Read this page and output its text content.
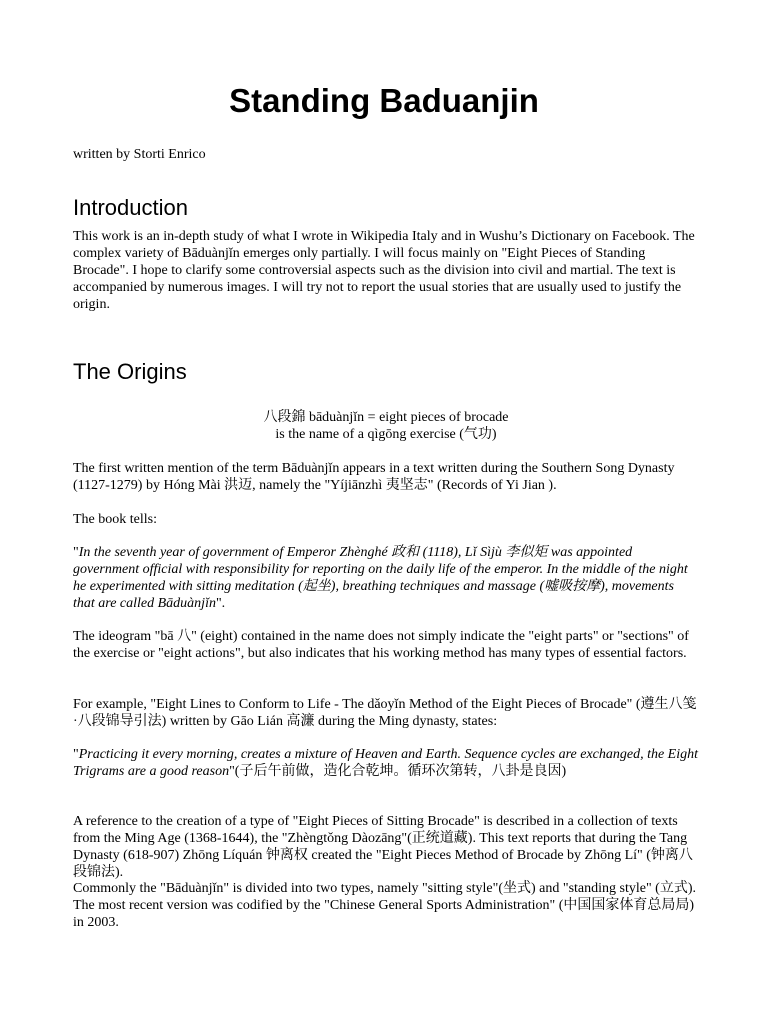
Standing Baduanjin

written by Storti Enrico

Introduction

This work is an in-depth study of what I wrote in Wikipedia Italy and in Wushu’s Dictionary on Facebook. The complex variety of Bāduànjǐn emerges only partially. I will focus mainly on "Eight Pieces of Standing Brocade". I hope to clarify some controversial aspects such as the division into civil and martial. The text is accompanied by numerous images. I will try not to report the usual stories that are usually used to justify the origin.

The Origins

八段錦 bāduànjǐn = eight pieces of brocade

is the name of a qìgōng exercise (气功)

The first written mention of the term Bāduànjǐn appears in a text written during the Southern Song Dynasty (1127-1279) by Hóng Mài 洪迈, namely the "Yíjiānzhì 夷坚志" (Records of Yi Jian ).

The book tells:

"In the seventh year of government of Emperor Zhènghé 政和 (1118), Lǐ Sìjù 李似矩 was appointed government official with responsibility for reporting on the daily life of the emperor. In the middle of the night he experimented with sitting meditation (起坐), breathing techniques and massage (嘘吸按摩), movements that are called Bāduànjǐn".

The ideogram "bā 八" (eight) contained in the name does not simply indicate the "eight parts" or "sections" of the exercise or "eight actions", but also indicates that his working method has many types of essential factors.

For example, "Eight Lines to Conform to Life - The dǎoyǐn Method of the Eight Pieces of Brocade" (遵生八笺·八段锦导引法) written by Gāo Lián 高濂 during the Ming dynasty, states:

"Practicing it every morning, creates a mixture of Heaven and Earth. Sequence cycles are exchanged, the Eight Trigrams are a good reason"(子后午前做，造化合乾坤。循环次第转，八卦是良因)

A reference to the creation of a type of "Eight Pieces of Sitting Brocade" is described in a collection of texts from the Ming Age (1368-1644), the "Zhèngtǒng Dàozāng"(正统道藏). This text reports that during the Tang Dynasty (618-907) Zhōng Líquán 钟离权 created the "Eight Pieces Method of Brocade by Zhōng Lí" (钟离八段锦法).

Commonly the "Bāduànjǐn" is divided into two types, namely "sitting style"(坐式) and "standing style" (立式). The most recent version was codified by the "Chinese General Sports Administration" (中国国家体育总局局) in 2003.
